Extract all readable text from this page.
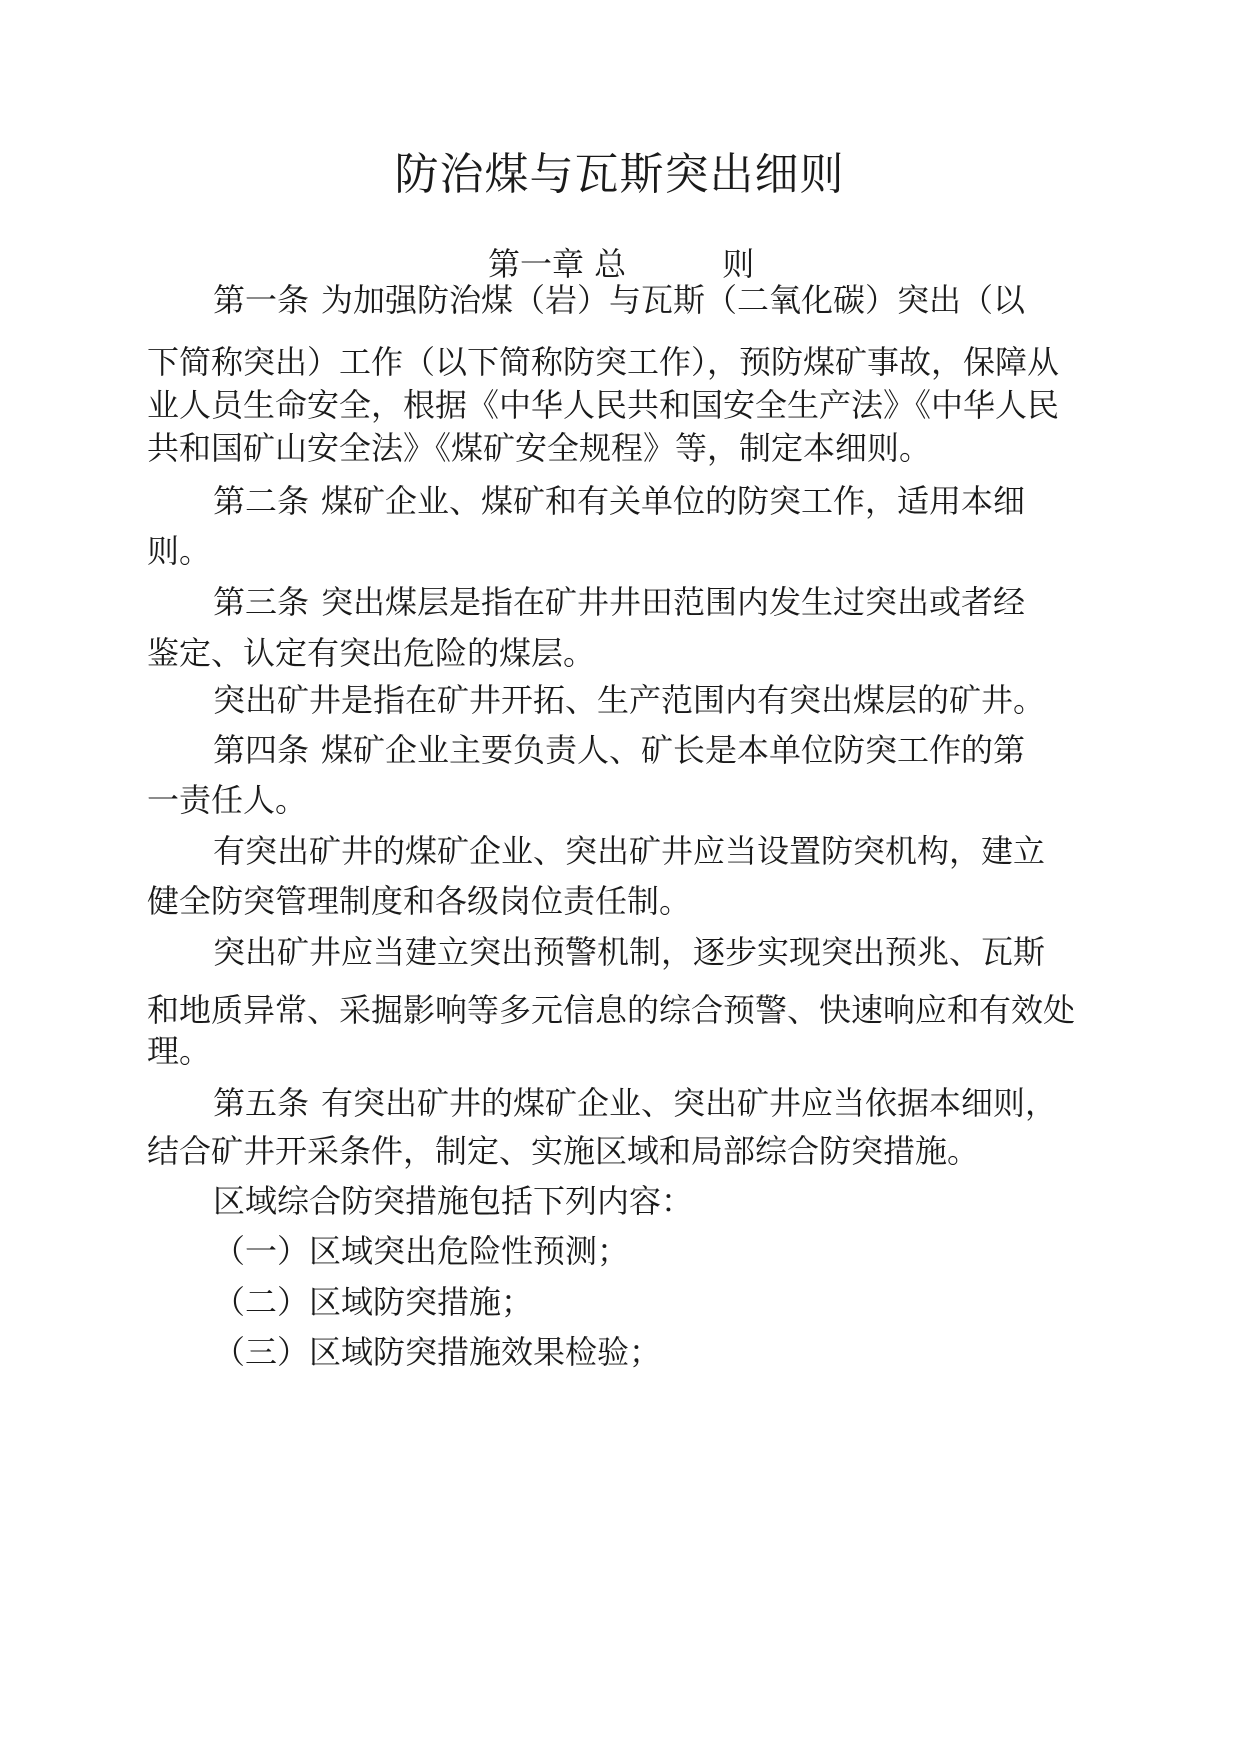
防治煤与瓦斯突出细则
第一章 总	则
第一条 为加强防治煤（岩）与瓦斯（二氧化碳）突出（以
下简称突出）工作（以下简称防突工作），预防煤矿事故，保障从
业人员生命安全，根据《中华人民共和国安全生产法》《中华人民
共和国矿山安全法》《煤矿安全规程》等，制定本细则。
第二条 煤矿企业、煤矿和有关单位的防突工作，适用本细
则。
第三条 突出煤层是指在矿井井田范围内发生过突出或者经
鉴定、认定有突出危险的煤层。
突出矿井是指在矿井开拓、生产范围内有突出煤层的矿井。
第四条 煤矿企业主要负责人、矿长是本单位防突工作的第
一责任人。
有突出矿井的煤矿企业、突出矿井应当设置防突机构，建立
健全防突管理制度和各级岗位责任制。
突出矿井应当建立突出预警机制，逐步实现突出预兆、瓦斯
和地质异常、采掘影响等多元信息的综合预警、快速响应和有效处
理。
第五条 有突出矿井的煤矿企业、突出矿井应当依据本细则，
结合矿井开采条件，制定、实施区域和局部综合防突措施。
区域综合防突措施包括下列内容：
（一）区域突出危险性预测；
（二）区域防突措施；
（三）区域防突措施效果检验；
